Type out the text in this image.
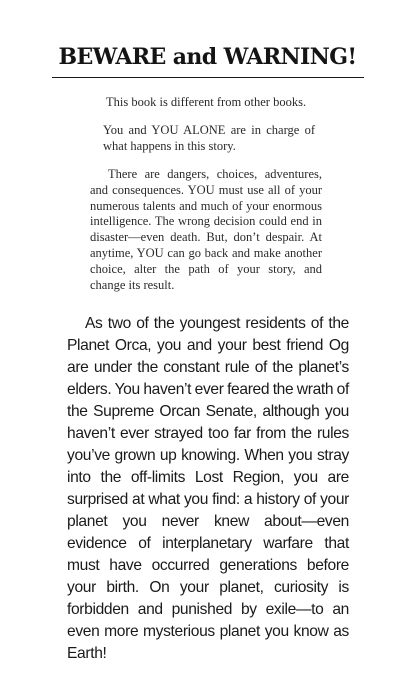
BEWARE and WARNING!

This book is different from other books.

You and YOU ALONE are in charge of what happens in this story.

There are dangers, choices, adventures, and consequences. YOU must use all of your numerous talents and much of your enormous intelligence. The wrong decision could end in disaster—even death. But, don’t despair. At anytime, YOU can go back and make another choice, alter the path of your story, and change its result.

As two of the youngest residents of the Planet Orca, you and your best friend Og are under the constant rule of the planet’s elders. You haven’t ever feared the wrath of the Supreme Orcan Senate, although you haven’t ever strayed too far from the rules you’ve grown up knowing. When you stray into the off-limits Lost Region, you are surprised at what you find: a history of your planet you never knew about—even evidence of interplanetary warfare that must have occurred generations before your birth. On your planet, curiosity is forbidden and punished by exile—to an even more mysterious planet you know as Earth!
